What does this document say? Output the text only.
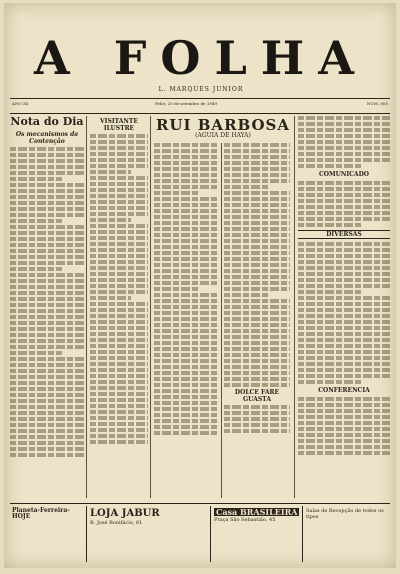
A FOLHA
L. MARQUES JUNIOR
ANO XX	Pelot, 20 de setembro de 1949	NUM. 805
Nota do Dia
Os mecanismos da Contenção
VISITANTE ILUSTRE	RUI BARBOSA
(AGUIA DE HAYA)
DOLCE FARE GUASTA
COMUNICADO
DIVERSAS
CONFERENCIA
Planeta-Ferreira-HOJE	LOJA JABUR
R. José Bonifácio, 61
Casa BRASILEIRA
Praça São Sebastião, 45
Salas de Recepção de todos os tipos
